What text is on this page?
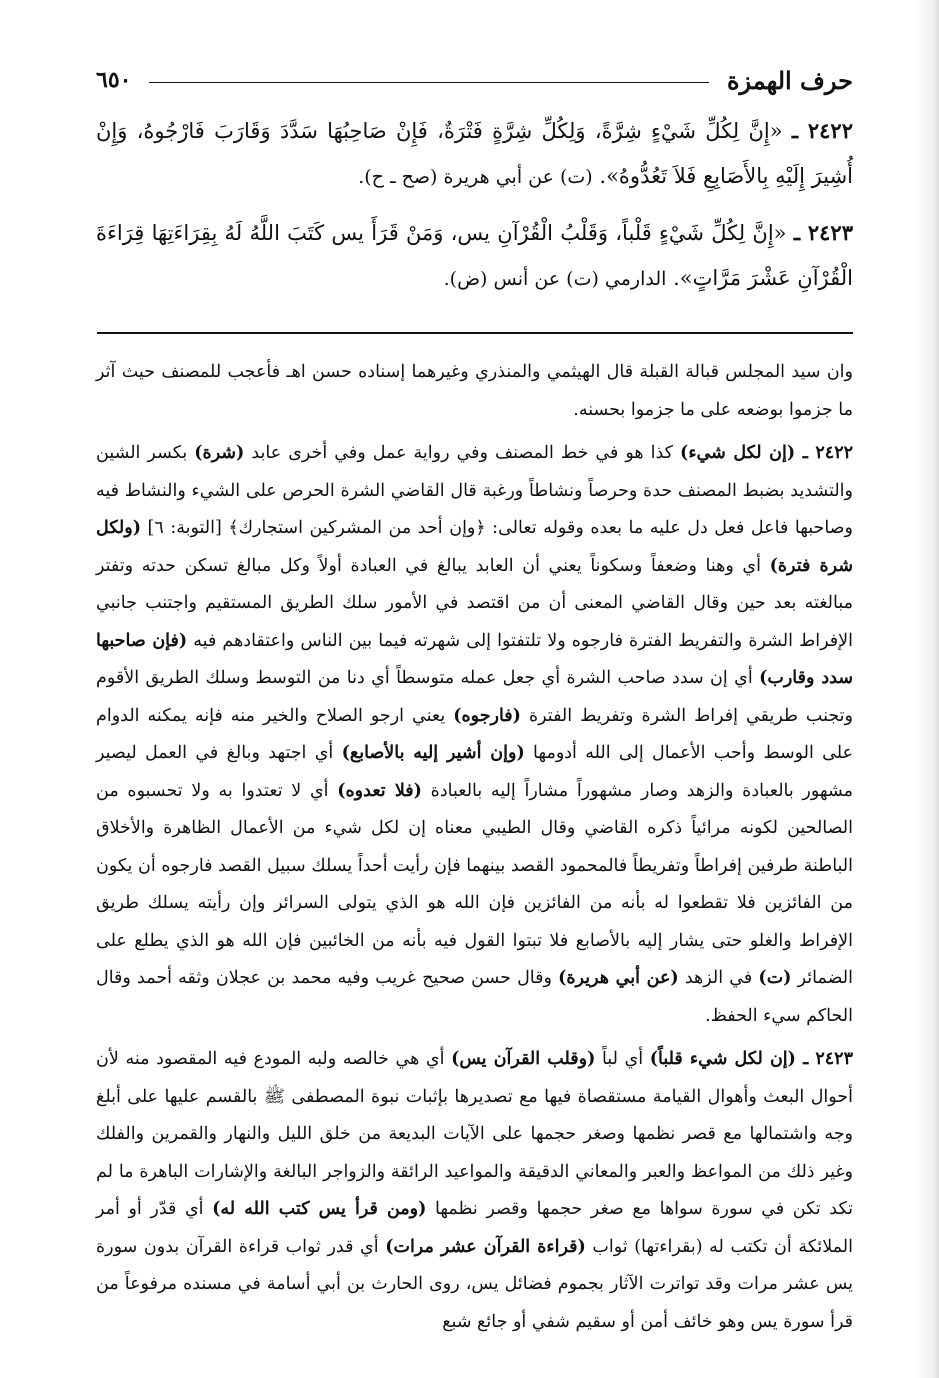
حرف الهمزة
٦٥٠

٢٤٢٢ ـ «إِنَّ لِكُلِّ شَيْءٍ شِرَّةً، وَلِكُلِّ شِرَّةٍ فَتْرَةٌ، فَإِنْ صَاحِبُهَا سَدَّدَ وَقَارَبَ فَارْجُوهُ، وَإِنْ أُشِيرَ إِلَيْهِ بِالأَصَابِعِ فَلاَ تَعُدُّوهُ». (ت) عن أبي هريرة (صح ـ ح).

٢٤٢٣ ـ «إِنَّ لِكُلِّ شَيْءٍ قَلْباً، وَقَلْبُ الْقُرْآنِ يس، وَمَنْ قَرَأَ يس كَتَبَ اللَّهُ لَهُ بِقِرَاءَتِهَا قِرَاءَةَ الْقُرْآنِ عَشْرَ مَرَّاتٍ». الدارمي (ت) عن أنس (ض).

وان سيد المجلس قبالة القبلة قال الهيثمي والمنذري وغيرهما إسناده حسن اهـ فأعجب للمصنف حيث آثر ما جزموا بوضعه على ما جزموا بحسنه.

٢٤٢٢ ـ (إن لكل شيء) كذا هو في خط المصنف وفي رواية عمل وفي أخرى عابد (شرة) بكسر الشين والتشديد بضبط المصنف حدة وحرصاً ونشاطاً ورغبة قال القاضي الشرة الحرص على الشيء والنشاط فيه وصاحبها فاعل فعل دل عليه ما بعده وقوله تعالى: ﴿وإن أحد من المشركين استجارك﴾ [التوبة: ٦] (ولكل شرة فترة) أي وهنا وضعفاً وسكوناً يعني أن العابد يبالغ في العبادة أولاً وكل مبالغ تسكن حدته وتفتر مبالغته بعد حين وقال القاضي المعنى أن من اقتصد في الأمور سلك الطريق المستقيم واجتنب جانبي الإفراط الشرة والتفريط الفترة فارجوه ولا تلتفتوا إلى شهرته فيما بين الناس واعتقادهم فيه (فإن صاحبها سدد وقارب) أي إن سدد صاحب الشرة أي جعل عمله متوسطاً أي دنا من التوسط وسلك الطريق الأقوم وتجنب طريقي إفراط الشرة وتفريط الفترة (فارجوه) يعني ارجو الصلاح والخير منه فإنه يمكنه الدوام على الوسط وأحب الأعمال إلى الله أدومها (وإن أشير إليه بالأصابع) أي اجتهد وبالغ في العمل ليصير مشهور بالعبادة والزهد وصار مشهوراً مشاراً إليه بالعبادة (فلا تعدوه) أي لا تعتدوا به ولا تحسبوه من الصالحين لكونه مرائياً ذكره القاضي وقال الطيبي معناه إن لكل شيء من الأعمال الظاهرة والأخلاق الباطنة طرفين إفراطاً وتفريطاً فالمحمود القصد بينهما فإن رأيت أحداً يسلك سبيل القصد فارجوه أن يكون من الفائزين فلا تقطعوا له بأنه من الفائزين فإن الله هو الذي يتولى السرائر وإن رأيته يسلك طريق الإفراط والغلو حتى يشار إليه بالأصابع فلا تبتوا القول فيه بأنه من الخائبين فإن الله هو الذي يطلع على الضمائر (ت) في الزهد (عن أبي هريرة) وقال حسن صحيح غريب وفيه محمد بن عجلان وثقه أحمد وقال الحاكم سيء الحفظ.

٢٤٢٣ ـ (إن لكل شيء قلباً) أي لباً (وقلب القرآن يس) أي هي خالصه ولبه المودع فيه المقصود منه لأن أحوال البعث وأهوال القيامة مستقصاة فيها مع تصديرها بإثبات نبوة المصطفى ﷺ بالقسم عليها على أبلغ وجه واشتمالها مع قصر نظمها وصغر حجمها على الآيات البديعة من خلق الليل والنهار والقمرين والفلك وغير ذلك من المواعظ والعبر والمعاني الدقيقة والمواعيد الرائقة والزواجر البالغة والإشارات الباهرة ما لم تكد تكن في سورة سواها مع صغر حجمها وقصر نظمها (ومن قرأ يس كتب الله له) أي قدّر أو أمر الملائكة أن تكتب له (بقراءتها) ثواب (قراءة القرآن عشر مرات) أي قدر ثواب قراءة القرآن بدون سورة يس عشر مرات وقد تواترت الآثار بجموم فضائل يس، روى الحارث بن أبي أسامة في مسنده مرفوعاً من قرأ سورة يس وهو خائف أمن أو سقيم شفي أو جائع شبع
